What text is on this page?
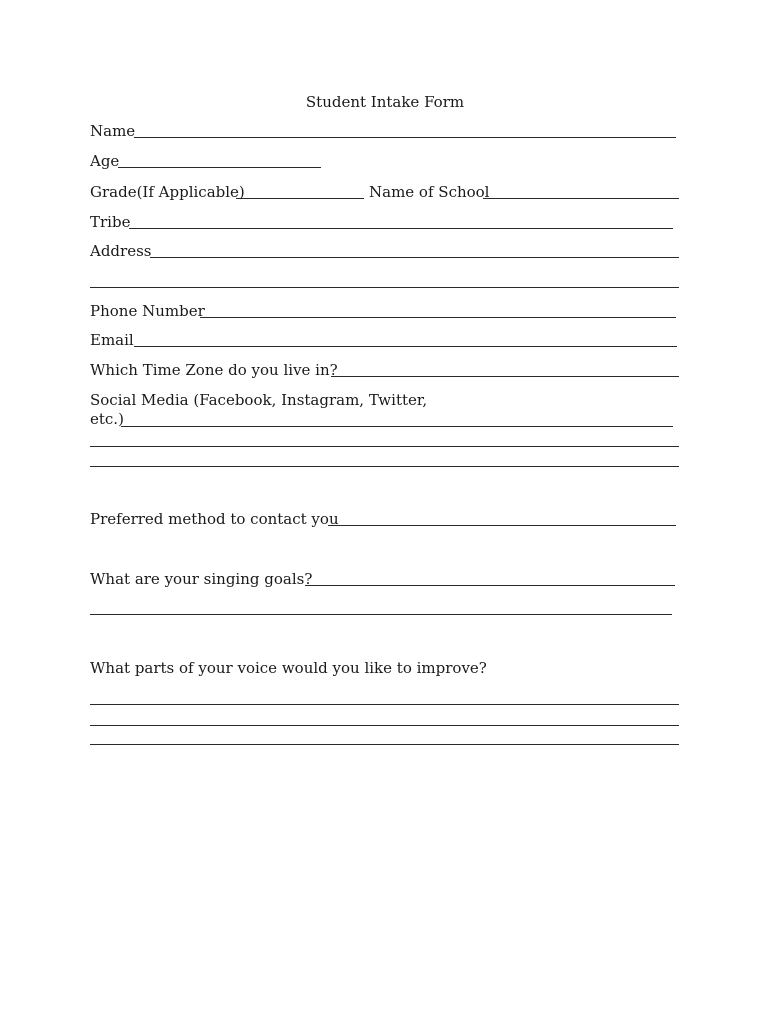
Student Intake Form
Name
Age
Grade(If Applicable)	Name of School
Tribe
Address
Phone Number
Email
Which Time Zone do you live in?
Social Media (Facebook, Instagram, Twitter,
etc.)
Preferred method to contact you
What are your singing goals?
What parts of your voice would you like to improve?
